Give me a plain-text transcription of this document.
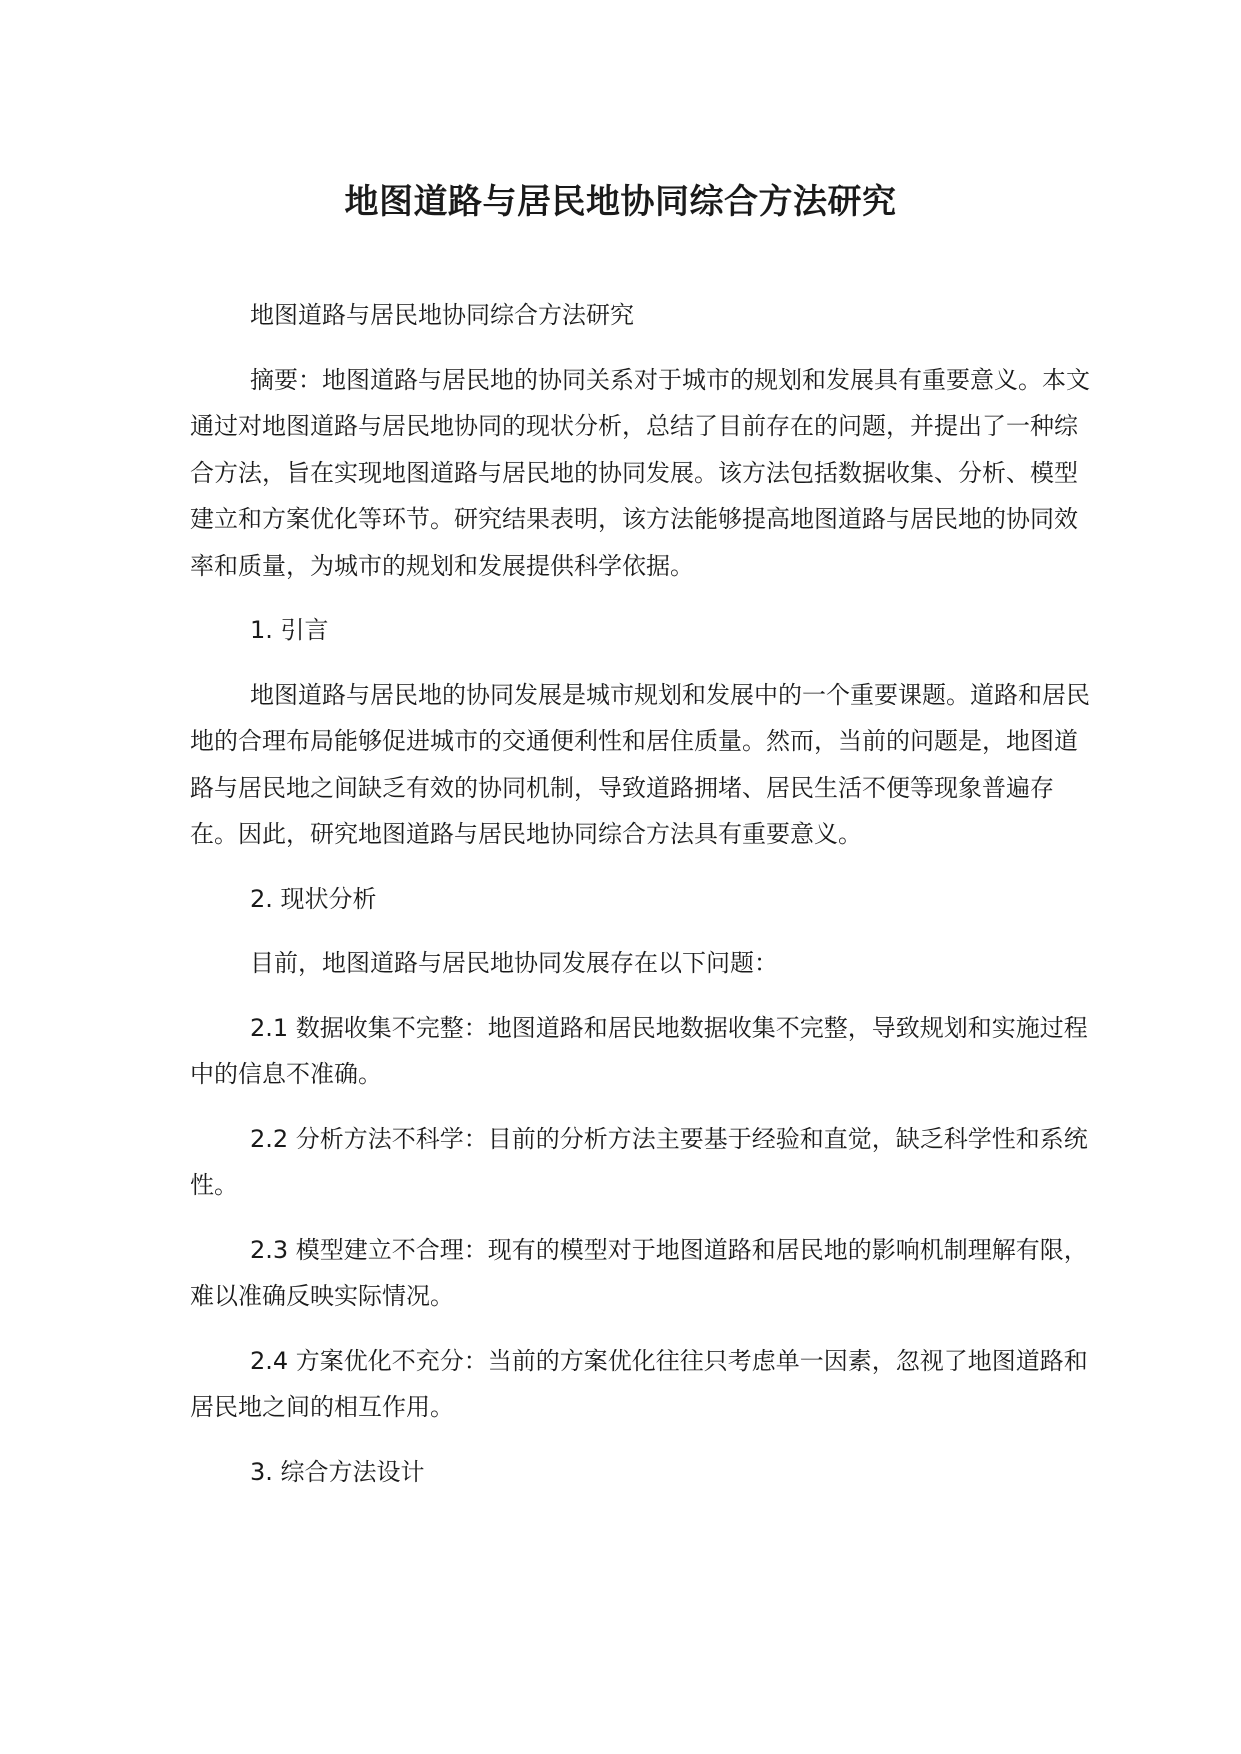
地图道路与居民地协同综合方法研究

地图道路与居民地协同综合方法研究

摘要：地图道路与居民地的协同关系对于城市的规划和发展具有重要意义。本文通过对地图道路与居民地协同的现状分析，总结了目前存在的问题，并提出了一种综合方法，旨在实现地图道路与居民地的协同发展。该方法包括数据收集、分析、模型建立和方案优化等环节。研究结果表明，该方法能够提高地图道路与居民地的协同效率和质量，为城市的规划和发展提供科学依据。

1. 引言

地图道路与居民地的协同发展是城市规划和发展中的一个重要课题。道路和居民地的合理布局能够促进城市的交通便利性和居住质量。然而，当前的问题是，地图道路与居民地之间缺乏有效的协同机制，导致道路拥堵、居民生活不便等现象普遍存在。因此，研究地图道路与居民地协同综合方法具有重要意义。

2. 现状分析

目前，地图道路与居民地协同发展存在以下问题：

2.1 数据收集不完整：地图道路和居民地数据收集不完整，导致规划和实施过程中的信息不准确。

2.2 分析方法不科学：目前的分析方法主要基于经验和直觉，缺乏科学性和系统性。

2.3 模型建立不合理：现有的模型对于地图道路和居民地的影响机制理解有限，难以准确反映实际情况。

2.4 方案优化不充分：当前的方案优化往往只考虑单一因素，忽视了地图道路和居民地之间的相互作用。

3. 综合方法设计
